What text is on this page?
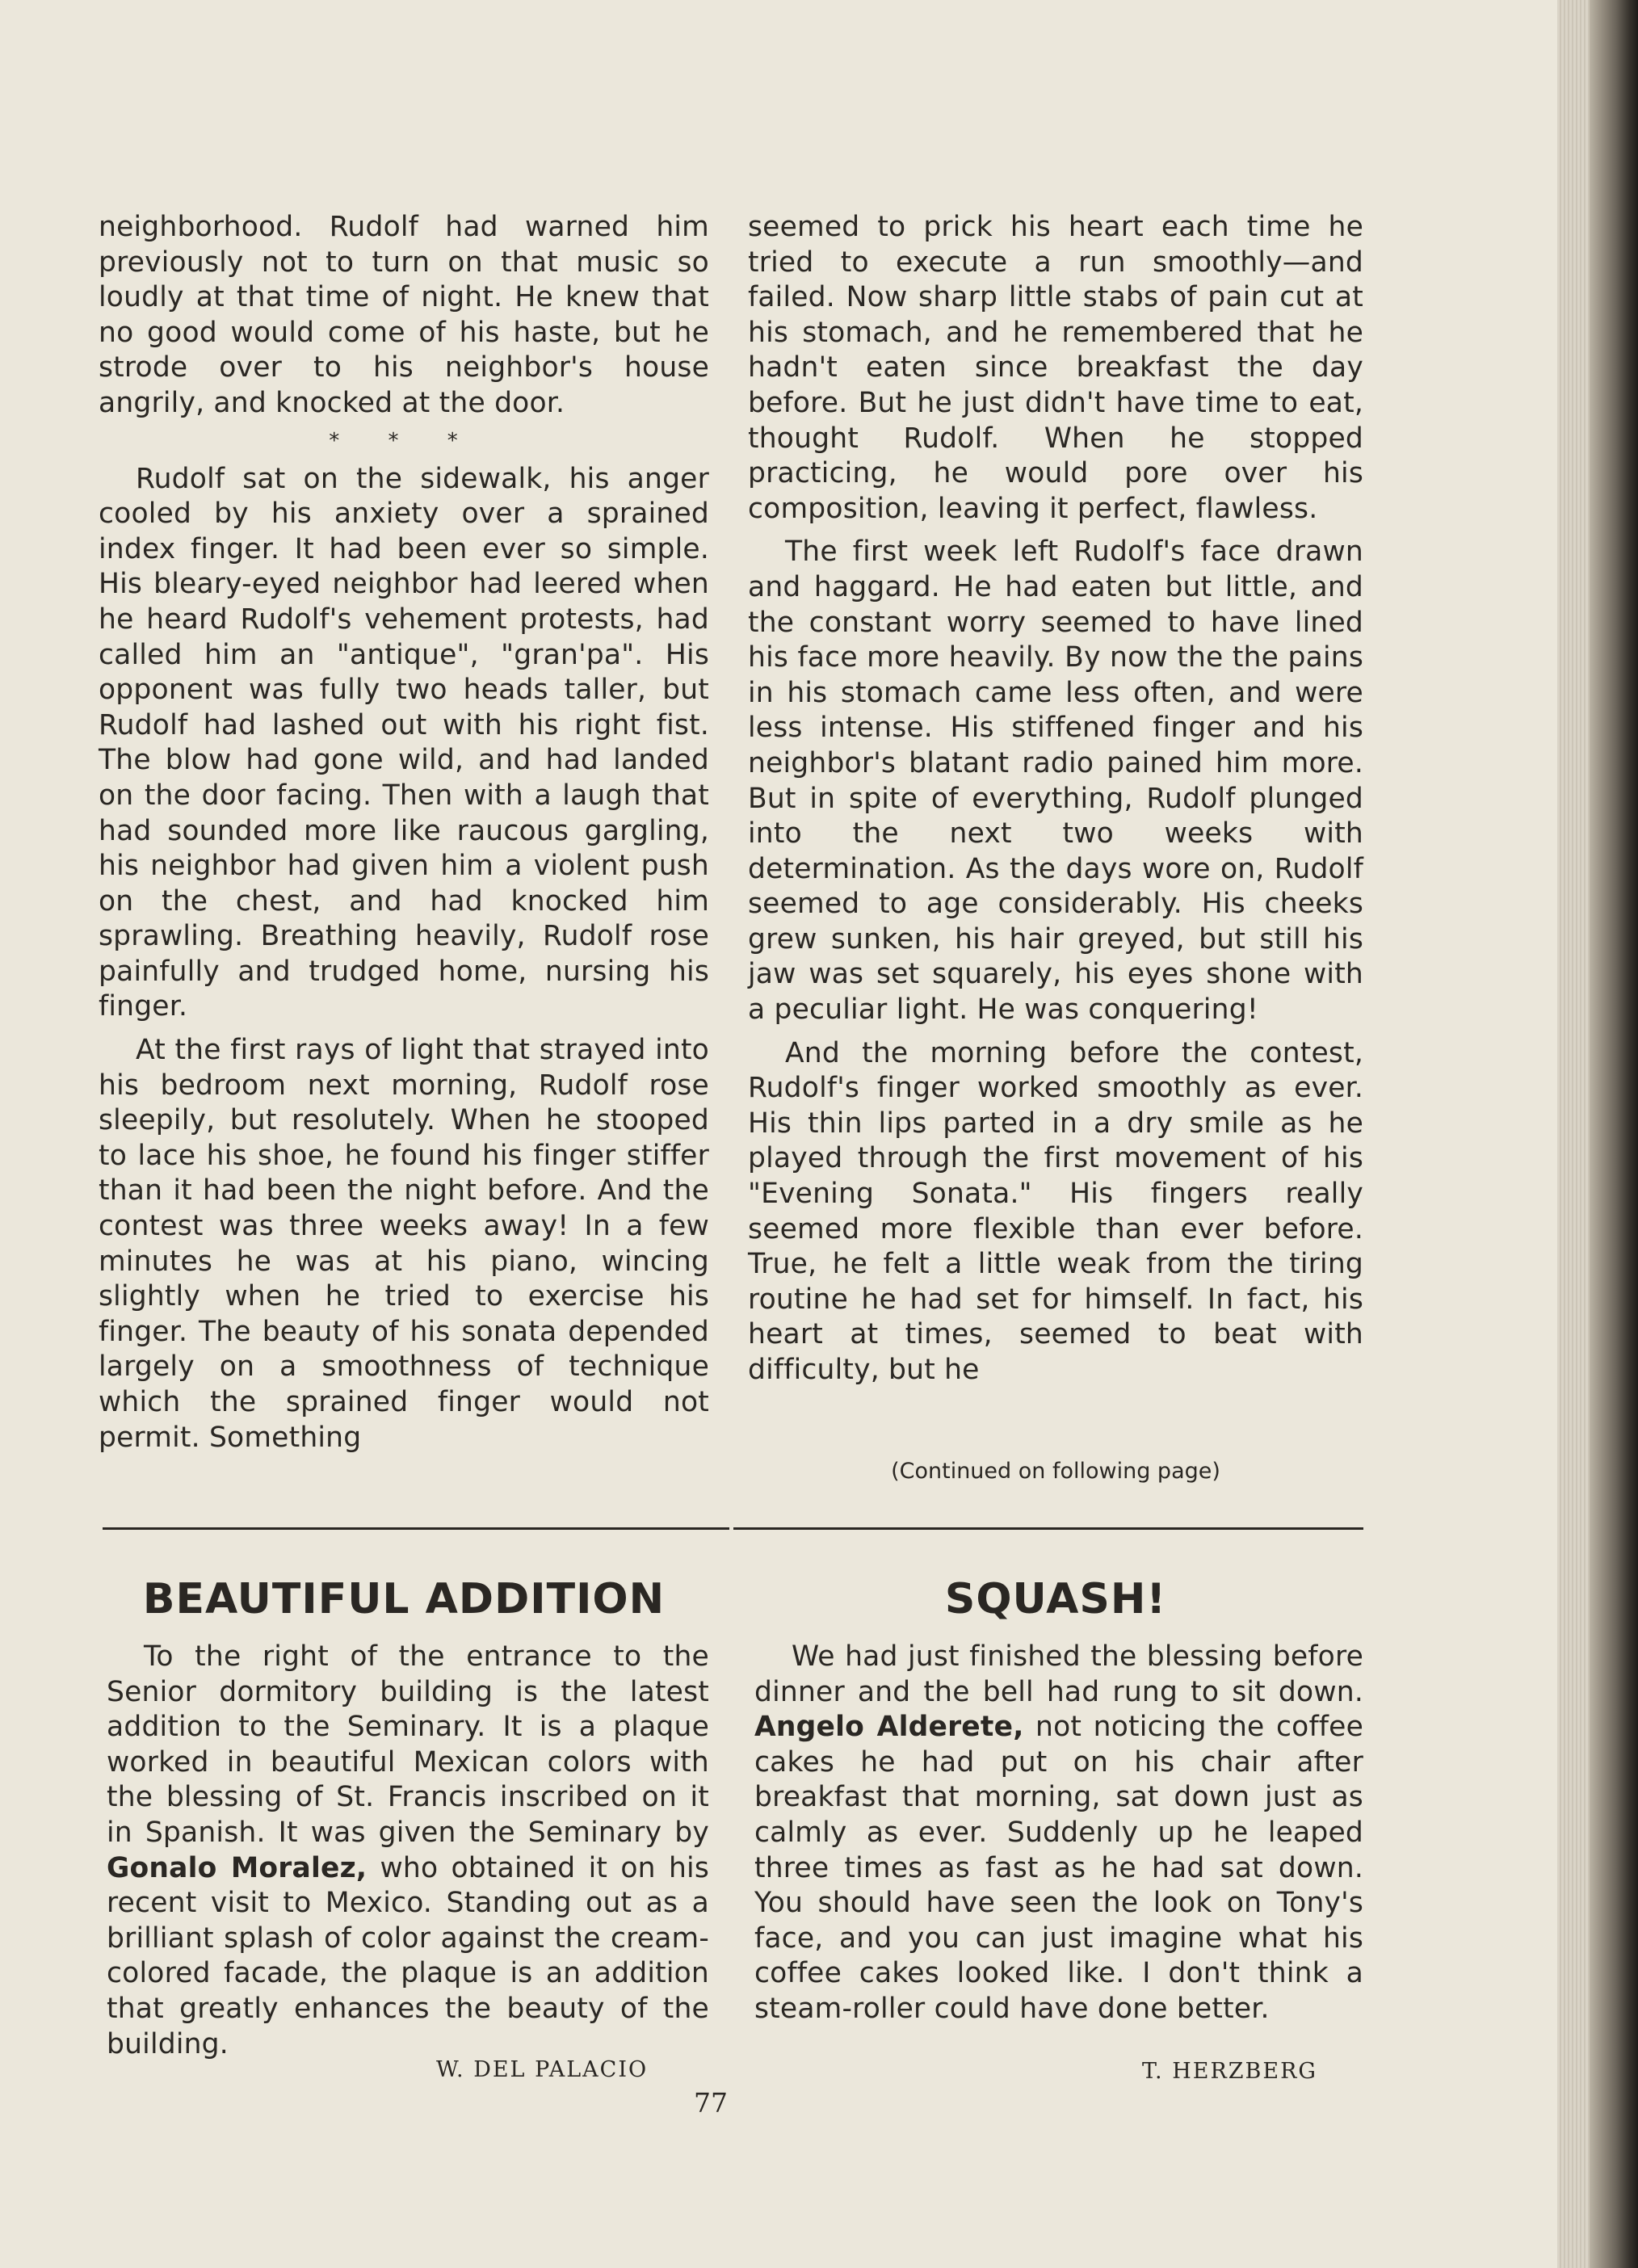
neighborhood. Rudolf had warned him previously not to turn on that music so loudly at that time of night. He knew that no good would come of his haste, but he strode over to his neighbor's house angrily, and knocked at the door.

* * *

Rudolf sat on the sidewalk, his anger cooled by his anxiety over a sprained index finger. It had been ever so simple. His bleary-eyed neighbor had leered when he heard Rudolf's vehement protests, had called him an "antique", "gran'pa". His opponent was fully two heads taller, but Rudolf had lashed out with his right fist. The blow had gone wild, and had landed on the door facing. Then with a laugh that had sounded more like raucous gargling, his neighbor had given him a violent push on the chest, and had knocked him sprawling. Breathing heavily, Rudolf rose painfully and trudged home, nursing his finger.

At the first rays of light that strayed into his bedroom next morning, Rudolf rose sleepily, but resolutely. When he stooped to lace his shoe, he found his finger stiffer than it had been the night before. And the contest was three weeks away! In a few minutes he was at his piano, wincing slightly when he tried to exercise his finger. The beauty of his sonata depended largely on a smoothness of technique which the sprained finger would not permit. Something

seemed to prick his heart each time he tried to execute a run smoothly—and failed. Now sharp little stabs of pain cut at his stomach, and he remembered that he hadn't eaten since breakfast the day before. But he just didn't have time to eat, thought Rudolf. When he stopped practicing, he would pore over his composition, leaving it perfect, flawless.

The first week left Rudolf's face drawn and haggard. He had eaten but little, and the constant worry seemed to have lined his face more heavily. By now the the pains in his stomach came less often, and were less intense. His stiffened finger and his neighbor's blatant radio pained him more. But in spite of everything, Rudolf plunged into the next two weeks with determination. As the days wore on, Rudolf seemed to age considerably. His cheeks grew sunken, his hair greyed, but still his jaw was set squarely, his eyes shone with a peculiar light. He was conquering!

And the morning before the contest, Rudolf's finger worked smoothly as ever. His thin lips parted in a dry smile as he played through the first movement of his "Evening Sonata." His fingers really seemed more flexible than ever before. True, he felt a little weak from the tiring routine he had set for himself. In fact, his heart at times, seemed to beat with difficulty, but he

(Continued on following page)
BEAUTIFUL ADDITION	SQUASH!

To the right of the entrance to the Senior dormitory building is the latest addition to the Seminary. It is a plaque worked in beautiful Mexican colors with the blessing of St. Francis inscribed on it in Spanish. It was given the Seminary by Gonalo Moralez, who obtained it on his recent visit to Mexico. Standing out as a brilliant splash of color against the cream-colored facade, the plaque is an addition that greatly enhances the beauty of the building.

We had just finished the blessing before dinner and the bell had rung to sit down. Angelo Alderete, not noticing the coffee cakes he had put on his chair after breakfast that morning, sat down just as calmly as ever. Suddenly up he leaped three times as fast as he had sat down. You should have seen the look on Tony's face, and you can just imagine what his coffee cakes looked like. I don't think a steam-roller could have done better.

W. DEL PALACIO	T. HERZBERG
77
